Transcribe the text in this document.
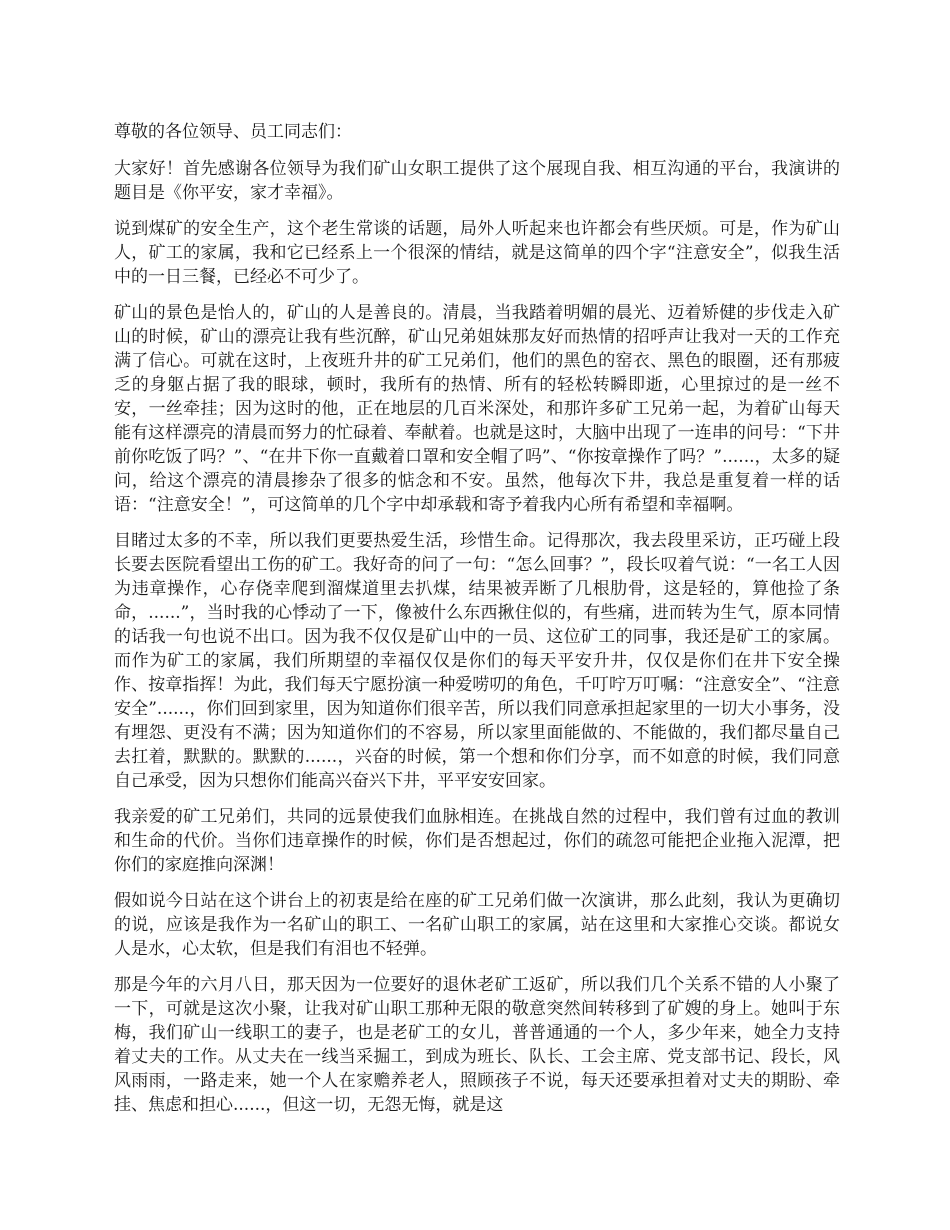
尊敬的各位领导、员工同志们：

大家好！首先感谢各位领导为我们矿山女职工提供了这个展现自我、相互沟通的平台，我演讲的题目是《你平安，家才幸福》。

说到煤矿的安全生产，这个老生常谈的话题，局外人听起来也许都会有些厌烦。可是，作为矿山人，矿工的家属，我和它已经系上一个很深的情结，就是这简单的四个字“注意安全”，似我生活中的一日三餐，已经必不可少了。

矿山的景色是怡人的，矿山的人是善良的。清晨，当我踏着明媚的晨光、迈着矫健的步伐走入矿山的时候，矿山的漂亮让我有些沉醉，矿山兄弟姐妹那友好而热情的招呼声让我对一天的工作充满了信心。可就在这时，上夜班升井的矿工兄弟们，他们的黑色的窑衣、黑色的眼圈，还有那疲乏的身躯占据了我的眼球，顿时，我所有的热情、所有的轻松转瞬即逝，心里掠过的是一丝不安，一丝牵挂；因为这时的他，正在地层的几百米深处，和那许多矿工兄弟一起，为着矿山每天能有这样漂亮的清晨而努力的忙碌着、奉献着。也就是这时，大脑中出现了一连串的问号：“下井前你吃饭了吗？”、“在井下你一直戴着口罩和安全帽了吗”、“你按章操作了吗？”......，太多的疑问，给这个漂亮的清晨掺杂了很多的惦念和不安。虽然，他每次下井，我总是重复着一样的话语：“注意安全！”，可这简单的几个字中却承载和寄予着我内心所有希望和幸福啊。

目睹过太多的不幸，所以我们更要热爱生活，珍惜生命。记得那次，我去段里采访，正巧碰上段长要去医院看望出工伤的矿工。我好奇的问了一句：“怎么回事？”，段长叹着气说：“一名工人因为违章操作，心存侥幸爬到溜煤道里去扒煤，结果被弄断了几根肋骨，这是轻的，算他捡了条命，......”，当时我的心悸动了一下，像被什么东西揪住似的，有些痛，进而转为生气，原本同情的话我一句也说不出口。因为我不仅仅是矿山中的一员、这位矿工的同事，我还是矿工的家属。而作为矿工的家属，我们所期望的幸福仅仅是你们的每天平安升井，仅仅是你们在井下安全操作、按章指挥！为此，我们每天宁愿扮演一种爱唠叨的角色，千叮咛万叮嘱：“注意安全”、“注意安全”......，你们回到家里，因为知道你们很辛苦，所以我们同意承担起家里的一切大小事务，没有埋怨、更没有不满；因为知道你们的不容易，所以家里面能做的、不能做的，我们都尽量自己去扛着，默默的。默默的......，兴奋的时候，第一个想和你们分享，而不如意的时候，我们同意自己承受，因为只想你们能高兴奋兴下井，平平安安回家。

我亲爱的矿工兄弟们，共同的远景使我们血脉相连。在挑战自然的过程中，我们曾有过血的教训和生命的代价。当你们违章操作的时候，你们是否想起过，你们的疏忽可能把企业拖入泥潭，把你们的家庭推向深渊！

假如说今日站在这个讲台上的初衷是给在座的矿工兄弟们做一次演讲，那么此刻，我认为更确切的说，应该是我作为一名矿山的职工、一名矿山职工的家属，站在这里和大家推心交谈。都说女人是水，心太软，但是我们有泪也不轻弹。

那是今年的六月八日，那天因为一位要好的退休老矿工返矿，所以我们几个关系不错的人小聚了一下，可就是这次小聚，让我对矿山职工那种无限的敬意突然间转移到了矿嫂的身上。她叫于东梅，我们矿山一线职工的妻子，也是老矿工的女儿，普普通通的一个人，多少年来，她全力支持着丈夫的工作。从丈夫在一线当采掘工，到成为班长、队长、工会主席、党支部书记、段长，风风雨雨，一路走来，她一个人在家赡养老人，照顾孩子不说，每天还要承担着对丈夫的期盼、牵挂、焦虑和担心......，但这一切，无怨无悔，就是这
